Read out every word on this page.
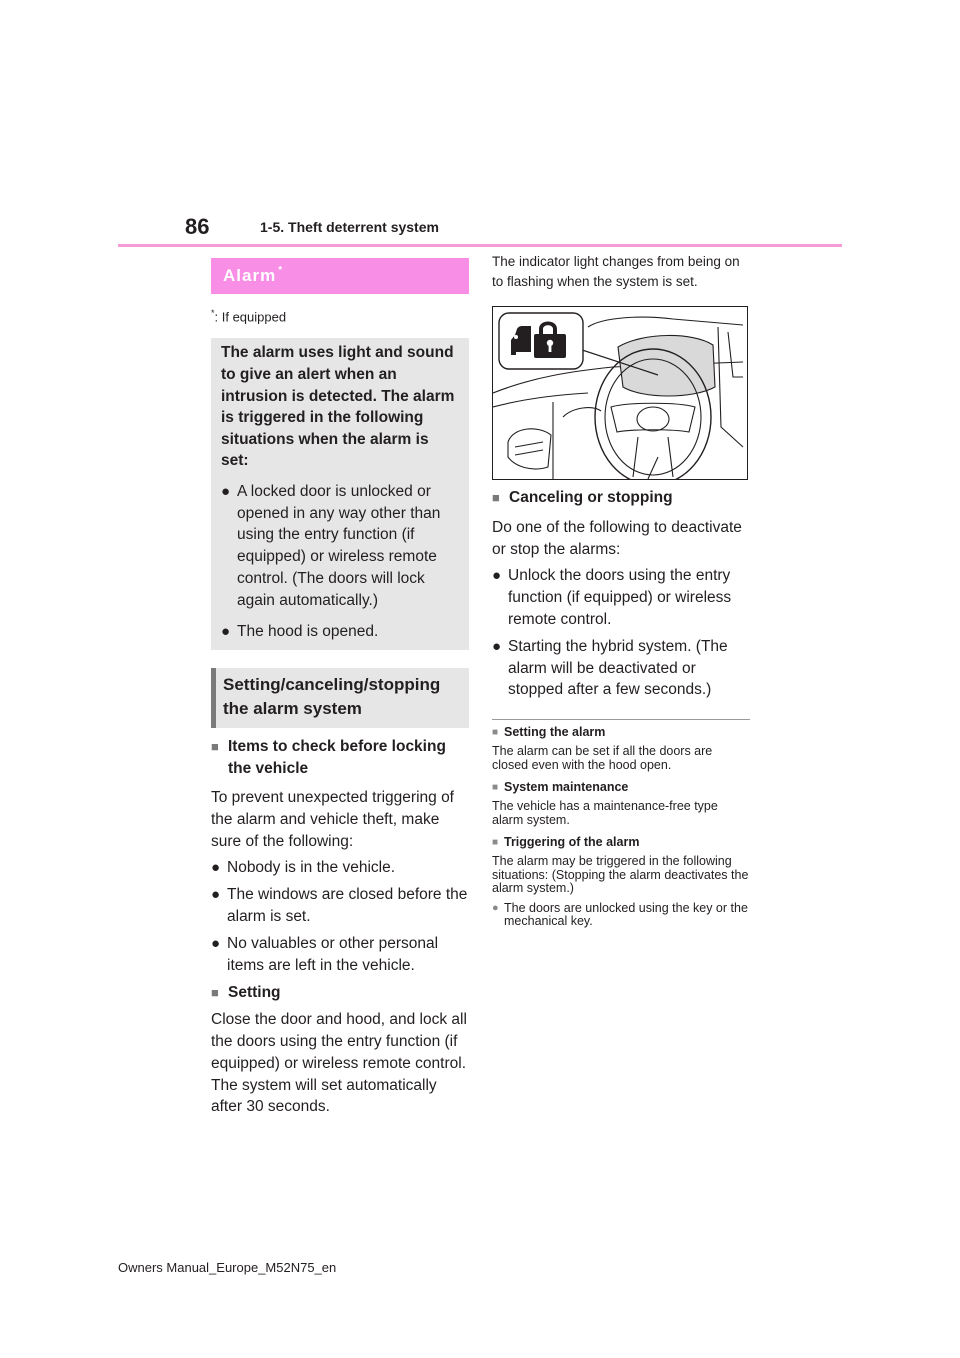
86	1-5. Theft deterrent system
Alarm*
*: If equipped
The alarm uses light and sound to give an alert when an intrusion is detected. The alarm is triggered in the following situations when the alarm is set:
● A locked door is unlocked or opened in any way other than using the entry function (if equipped) or wireless remote control. (The doors will lock again automatically.)
● The hood is opened.
Setting/canceling/stopping the alarm system
■ Items to check before locking the vehicle
To prevent unexpected triggering of the alarm and vehicle theft, make sure of the following:
● Nobody is in the vehicle.
● The windows are closed before the alarm is set.
● No valuables or other personal items are left in the vehicle.
■ Setting
Close the door and hood, and lock all the doors using the entry function (if equipped) or wireless remote control. The system will set automatically after 30 seconds.
The indicator light changes from being on to flashing when the system is set.
■ Canceling or stopping
Do one of the following to deactivate or stop the alarms:
● Unlock the doors using the entry function (if equipped) or wireless remote control.
● Starting the hybrid system. (The alarm will be deactivated or stopped after a few seconds.)
■ Setting the alarm
The alarm can be set if all the doors are closed even with the hood open.
■ System maintenance
The vehicle has a maintenance-free type alarm system.
■ Triggering of the alarm
The alarm may be triggered in the following situations: (Stopping the alarm deactivates the alarm system.)
● The doors are unlocked using the key or the mechanical key.
Owners Manual_Europe_M52N75_en
